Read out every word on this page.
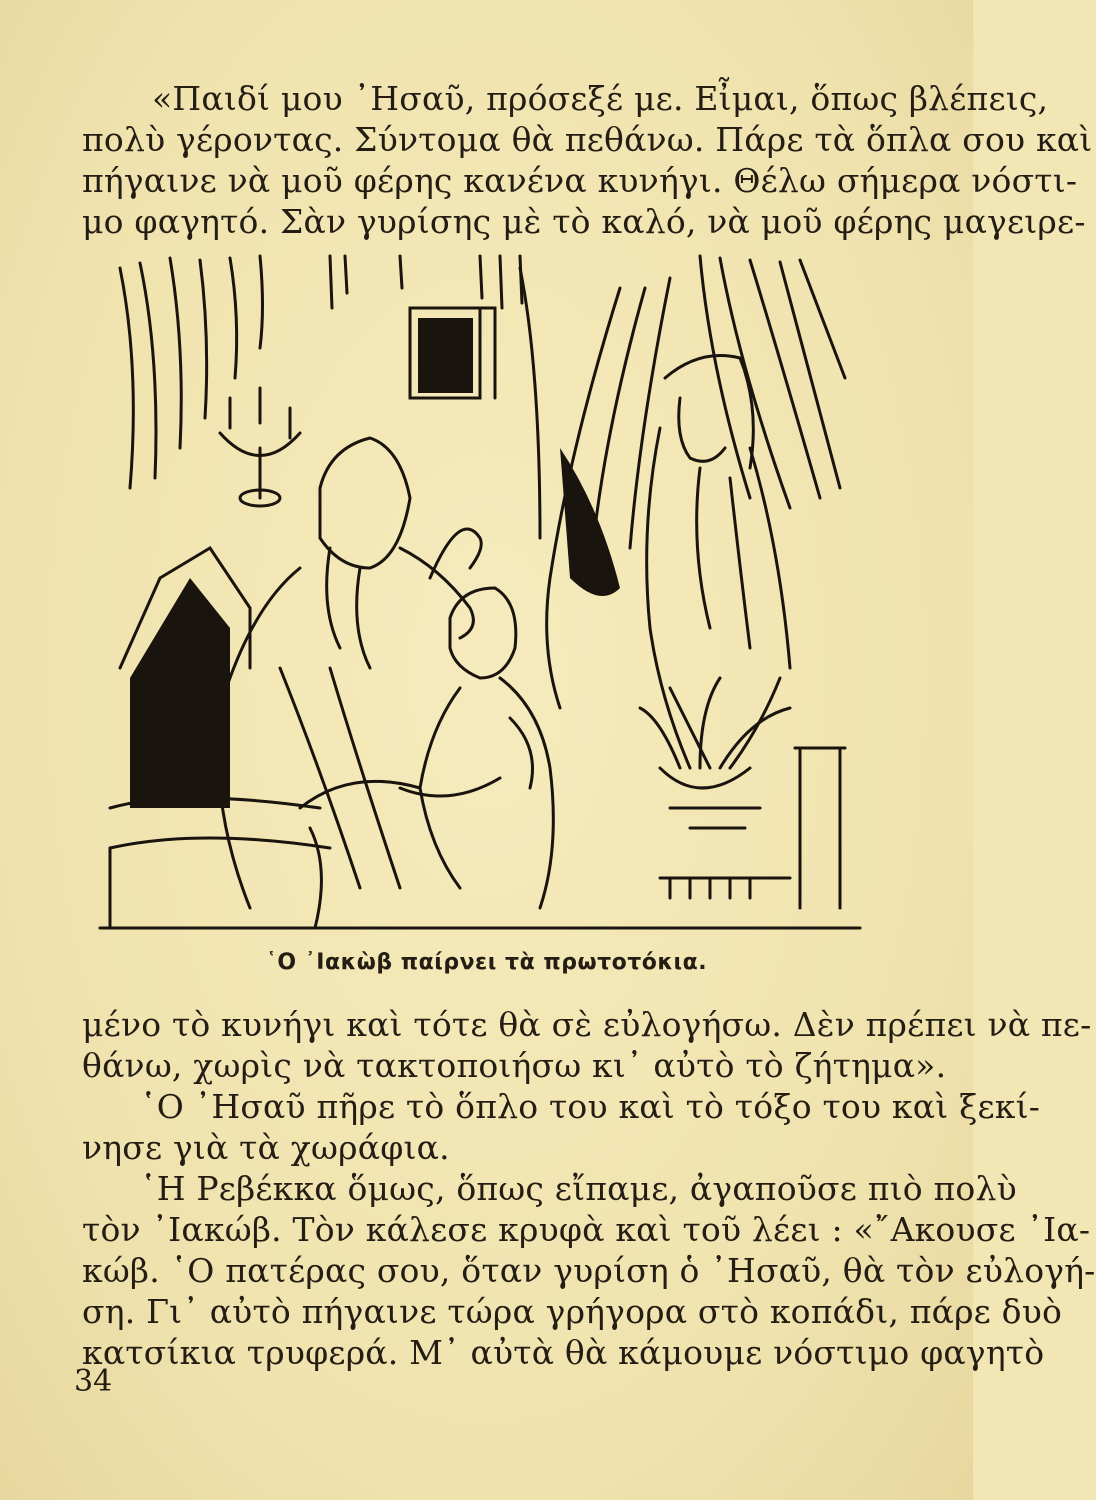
«Παιδί μου ᾿Ησαῦ, πρόσεξέ με. Εἶμαι, ὅπως βλέπεις,
πολὺ γέροντας. Σύντομα θὰ πεθάνω. Πάρε τὰ ὅπλα σου καὶ
πήγαινε νὰ μοῦ φέρης κανένα κυνήγι. Θέλω σήμερα νόστι-
μο φαγητό. Σὰν γυρίσης μὲ τὸ καλό, νὰ μοῦ φέρης μαγειρε-
῾Ο ᾿Ιακὼβ παίρνει τὰ πρωτοτόκια.
μένο τὸ κυνήγι καὶ τότε θὰ σὲ εὐλογήσω. Δὲν πρέπει νὰ πε-
θάνω, χωρὶς νὰ τακτοποιήσω κι᾿ αὐτὸ τὸ ζήτημα».
῾Ο ᾿Ησαῦ πῆρε τὸ ὅπλο του καὶ τὸ τόξο του καὶ ξεκί-
νησε γιὰ τὰ χωράφια.
῾Η Ρεβέκκα ὅμως, ὅπως εἴπαμε, ἀγαποῦσε πιὸ πολὺ
τὸν ᾿Ιακώβ. Τὸν κάλεσε κρυφὰ καὶ τοῦ λέει : «῎Ακουσε ᾿Ια-
κώβ. ῾Ο πατέρας σου, ὅταν γυρίση ὁ ᾿Ησαῦ, θὰ τὸν εὐλογή-
ση. Γι᾿ αὐτὸ πήγαινε τώρα γρήγορα στὸ κοπάδι, πάρε δυὸ
κατσίκια τρυφερά. Μ᾿ αὐτὰ θὰ κάμουμε νόστιμο φαγητὸ
34
